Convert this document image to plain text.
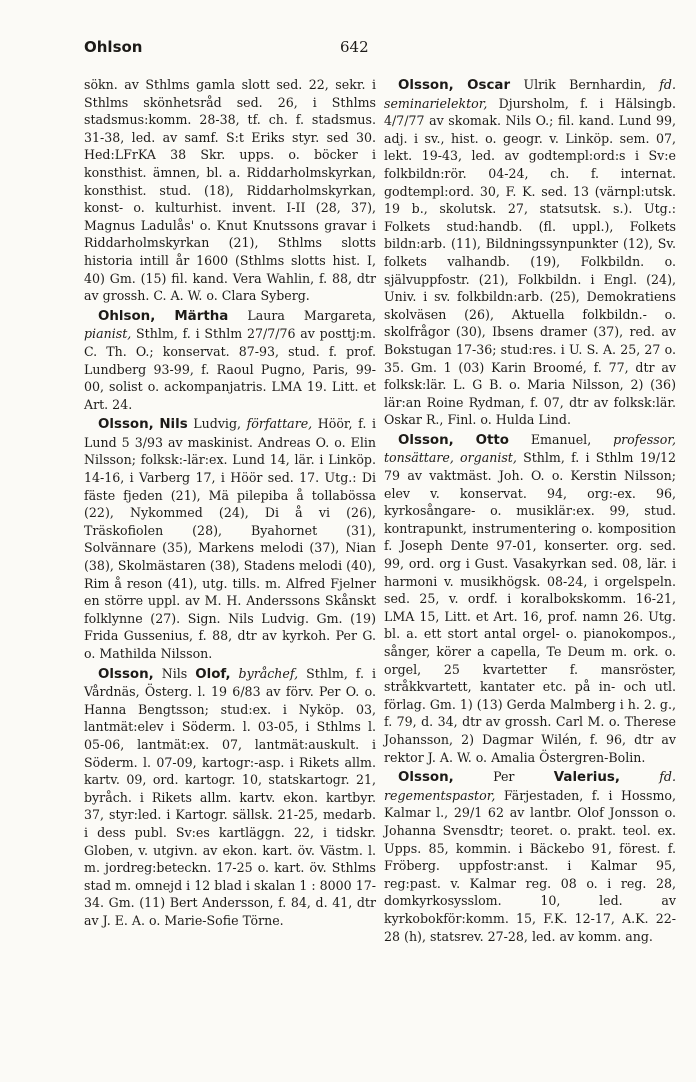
Ohlson	642

sökn. av Sthlms gamla slott sed. 22, sekr. i Sthlms skönhetsråd sed. 26, i Sthlms stadsmus:komm. 28-38, tf. ch. f. stadsmus. 31-38, led. av samf. S:t Eriks styr. sed 30. Hed:LFrKA 38 Skr. upps. o. böcker i konsthist. ämnen, bl. a. Riddarholmskyrkan, konsthist. stud. (18), Riddarholmskyrkan, konst- o. kulturhist. invent. I-II (28, 37), Magnus Ladulås' o. Knut Knutssons gravar i Riddarholmskyrkan (21), Sthlms slotts historia intill år 1600 (Sthlms slotts hist. I, 40) Gm. (15) fil. kand. Vera Wahlin, f. 88, dtr av grossh. C. A. W. o. Clara Syberg.

Ohlson, Märtha Laura Margareta, pianist, Sthlm, f. i Sthlm 27/7/76 av posttj:m. C. Th. O.; konservat. 87-93, stud. f. prof. Lundberg 93-99, f. Raoul Pugno, Paris, 99-00, solist o. ackompanjatris. LMA 19. Litt. et Art. 24.

Olsson, Nils Ludvig, författare, Höör, f. i Lund 5 3/93 av maskinist. Andreas O. o. Elin Nilsson; folksk:-lär:ex. Lund 14, lär. i Linköp. 14-16, i Varberg 17, i Höör sed. 17. Utg.: Di fäste fjeden (21), Mä pilepiba å tollabössa (22), Nykommed (24), Di å vi (26), Träskofiolen (28), Byahornet (31), Solvännare (35), Markens melodi (37), Nian (38), Skolmästaren (38), Stadens melodi (40), Rim å reson (41), utg. tills. m. Alfred Fjelner en större uppl. av M. H. Anderssons Skånskt folklynne (27). Sign. Nils Ludvig. Gm. (19) Frida Gussenius, f. 88, dtr av kyrkoh. Per G. o. Mathilda Nilsson.

Olsson, Nils Olof, byråchef, Sthlm, f. i Vårdnäs, Österg. l. 19 6/83 av förv. Per O. o. Hanna Bengtsson; stud:ex. i Nyköp. 03, lantmät:elev i Söderm. l. 03-05, i Sthlms l. 05-06, lantmät:ex. 07, lantmät:auskult. i Söderm. l. 07-09, kartogr:-asp. i Rikets allm. kartv. 09, ord. kartogr. 10, statskartogr. 21, byråch. i Rikets allm. kartv. ekon. kartbyr. 37, styr:led. i Kartogr. sällsk. 21-25, medarb. i dess publ. Sv:es kartläggn. 22, i tidskr. Globen, v. utgivn. av ekon. kart. öv. Västm. l. m. jordreg:beteckn. 17-25 o. kart. öv. Sthlms stad m. omnejd i 12 blad i skalan 1 : 8000 17-34. Gm. (11) Bert Andersson, f. 84, d. 41, dtr av J. E. A. o. Marie-Sofie Törne.

Olsson, Oscar Ulrik Bernhardin, fd. seminarielektor, Djursholm, f. i Hälsingb. 4/7/77 av skomak. Nils O.; fil. kand. Lund 99, adj. i sv., hist. o. geogr. v. Linköp. sem. 07, lekt. 19-43, led. av godtempl:ord:s i Sv:e folkbildn:rör. 04-24, ch. f. internat. godtempl:ord. 30, F. K. sed. 13 (värnpl:utsk. 19 b., skolutsk. 27, statsutsk. s.). Utg.: Folkets stud:handb. (fl. uppl.), Folkets bildn:arb. (11), Bildningssynpunkter (12), Sv. folkets valhandb. (19), Folkbildn. o. självuppfostr. (21), Folkbildn. i Engl. (24), Univ. i sv. folkbildn:arb. (25), Demokratiens skolväsen (26), Aktuella folkbildn.- o. skolfrågor (30), Ibsens dramer (37), red. av Bokstugan 17-36; stud:res. i U. S. A. 25, 27 o. 35. Gm. 1 (03) Karin Broomé, f. 77, dtr av folksk:lär. L. G B. o. Maria Nilsson, 2) (36) lär:an Roine Rydman, f. 07, dtr av folksk:lär. Oskar R., Finl. o. Hulda Lind.

Olsson, Otto Emanuel, professor, tonsättare, organist, Sthlm, f. i Sthlm 19/12 79 av vaktmäst. Joh. O. o. Kerstin Nilsson; elev v. konservat. 94, org:-ex. 96, kyrkosångare- o. musiklär:ex. 99, stud. kontrapunkt, instrumentering o. komposition f. Joseph Dente 97-01, konserter. org. sed. 99, ord. org i Gust. Vasakyrkan sed. 08, lär. i harmoni v. musikhögsk. 08-24, i orgelspeln. sed. 25, v. ordf. i koralbokskomm. 16-21, LMA 15, Litt. et Art. 16, prof. namn 26. Utg. bl. a. ett stort antal orgel- o. pianokompos., sånger, körer a capella, Te Deum m. ork. o. orgel, 25 kvartetter f. mansröster, stråkkvartett, kantater etc. på in- och utl. förlag. Gm. 1) (13) Gerda Malmberg i h. 2. g., f. 79, d. 34, dtr av grossh. Carl M. o. Therese Johansson, 2) Dagmar Wilén, f. 96, dtr av rektor J. A. W. o. Amalia Östergren-Bolin.

Olsson,	Per	Valerius,	fd. regementspastor, Färjestaden, f. i Hossmo, Kalmar l., 29/1 62 av lantbr. Olof Jonsson o. Johanna Svensdtr; teoret. o. prakt. teol. ex. Upps. 85, kommin. i Bäckebo 91, förest. f. Fröberg. uppfostr:anst. i Kalmar 95, reg:past. v. Kalmar reg. 08 o. i reg. 28, domkyrkosysslom. 10, led. av kyrkobokför:komm. 15, F.K. 12-17, A.K. 22-28 (h), statsrev. 27-28, led. av komm. ang.
